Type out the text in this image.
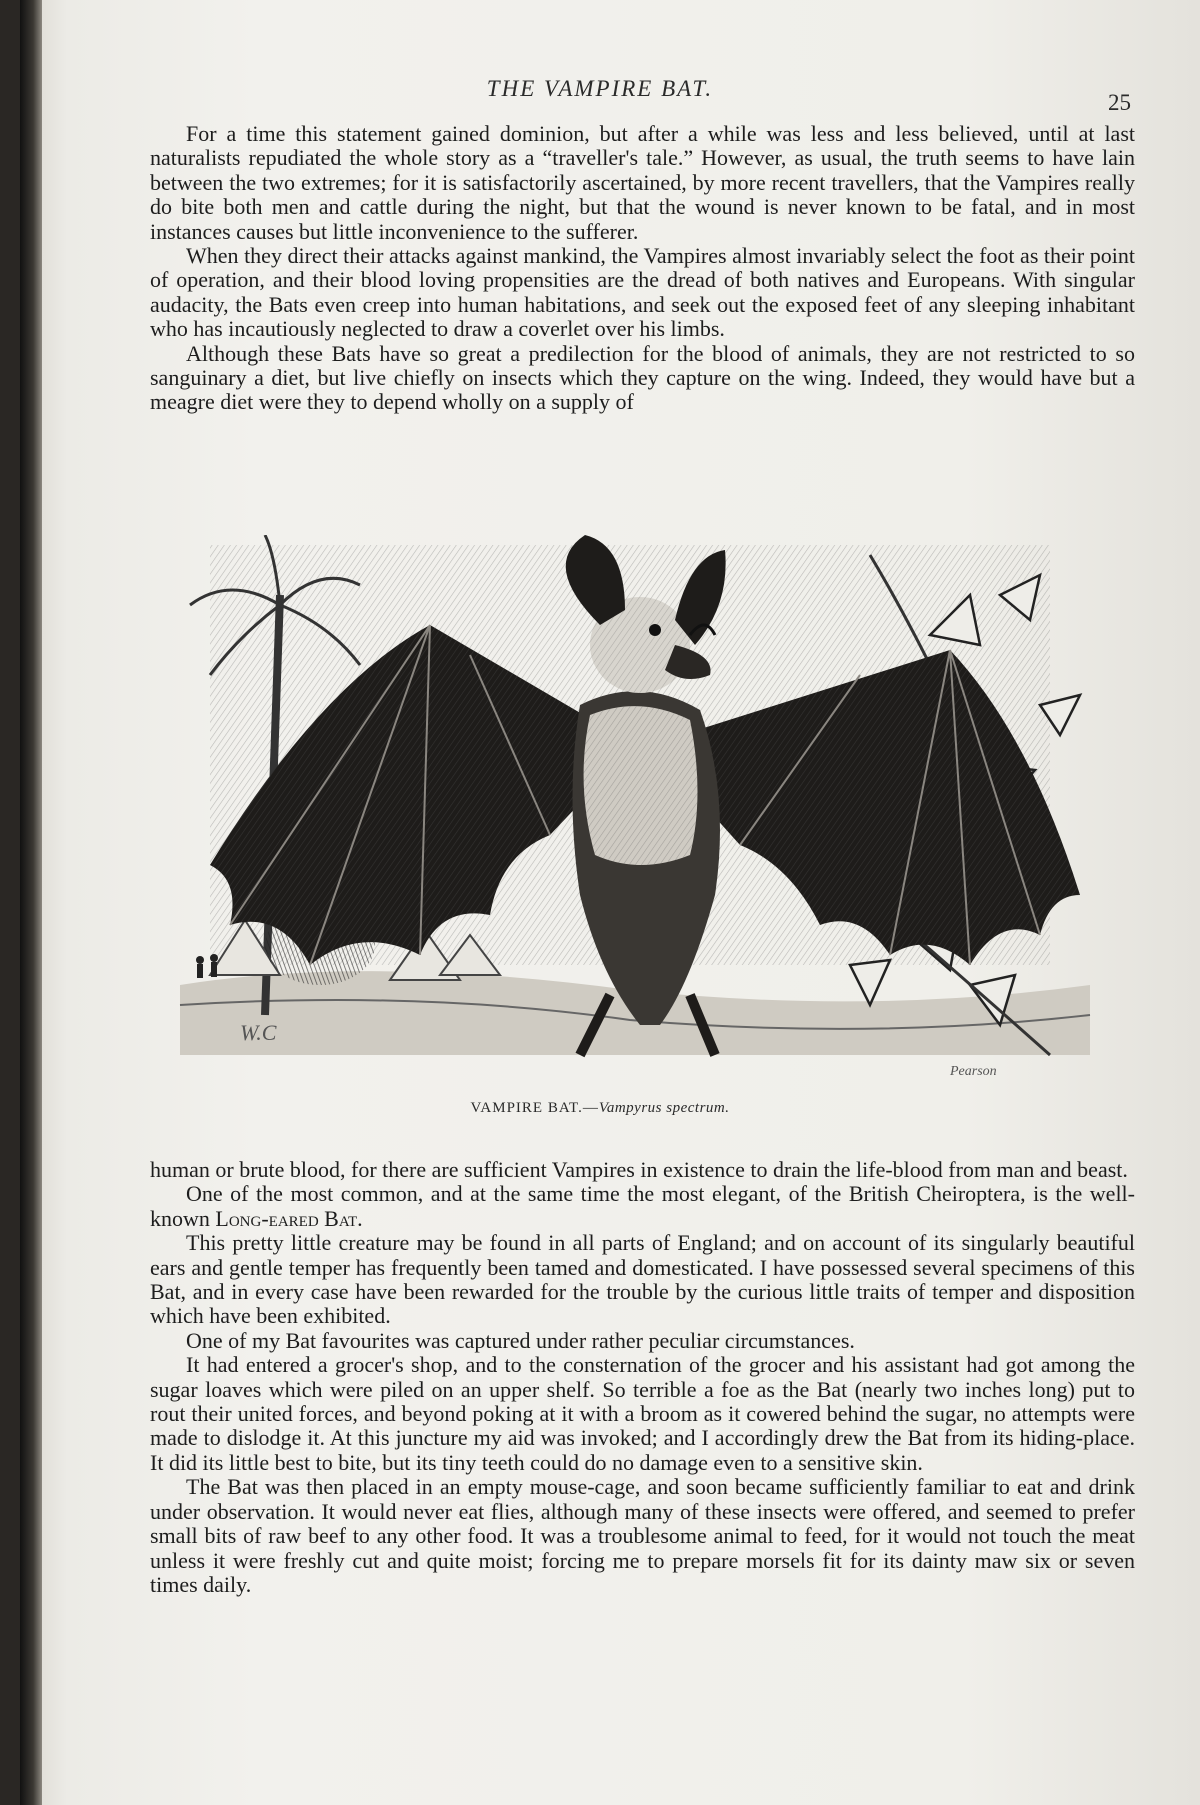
THE VAMPIRE BAT.
25

For a time this statement gained dominion, but after a while was less and less believed, until at last naturalists repudiated the whole story as a “traveller's tale.” However, as usual, the truth seems to have lain between the two extremes; for it is satisfactorily ascertained, by more recent travellers, that the Vampires really do bite both men and cattle during the night, but that the wound is never known to be fatal, and in most instances causes but little inconvenience to the sufferer.

When they direct their attacks against mankind, the Vampires almost invariably select the foot as their point of operation, and their blood loving propensities are the dread of both natives and Europeans. With singular audacity, the Bats even creep into human habitations, and seek out the exposed feet of any sleeping inhabitant who has incautiously neglected to draw a coverlet over his limbs.

Although these Bats have so great a predilection for the blood of animals, they are not restricted to so sanguinary a diet, but live chiefly on insects which they capture on the wing. Indeed, they would have but a meagre diet were they to depend wholly on a supply of

W.C
Pearson
VAMPIRE BAT.—Vampyrus spectrum.

human or brute blood, for there are sufficient Vampires in existence to drain the life-blood from man and beast.

One of the most common, and at the same time the most elegant, of the British Cheiroptera, is the well-known Long-eared Bat.

This pretty little creature may be found in all parts of England; and on account of its singularly beautiful ears and gentle temper has frequently been tamed and domesticated. I have possessed several specimens of this Bat, and in every case have been rewarded for the trouble by the curious little traits of temper and disposition which have been exhibited.

One of my Bat favourites was captured under rather peculiar circumstances.

It had entered a grocer's shop, and to the consternation of the grocer and his assistant had got among the sugar loaves which were piled on an upper shelf. So terrible a foe as the Bat (nearly two inches long) put to rout their united forces, and beyond poking at it with a broom as it cowered behind the sugar, no attempts were made to dislodge it. At this juncture my aid was invoked; and I accordingly drew the Bat from its hiding-place. It did its little best to bite, but its tiny teeth could do no damage even to a sensitive skin.

The Bat was then placed in an empty mouse-cage, and soon became sufficiently familiar to eat and drink under observation. It would never eat flies, although many of these insects were offered, and seemed to prefer small bits of raw beef to any other food. It was a troublesome animal to feed, for it would not touch the meat unless it were freshly cut and quite moist; forcing me to prepare morsels fit for its dainty maw six or seven times daily.
